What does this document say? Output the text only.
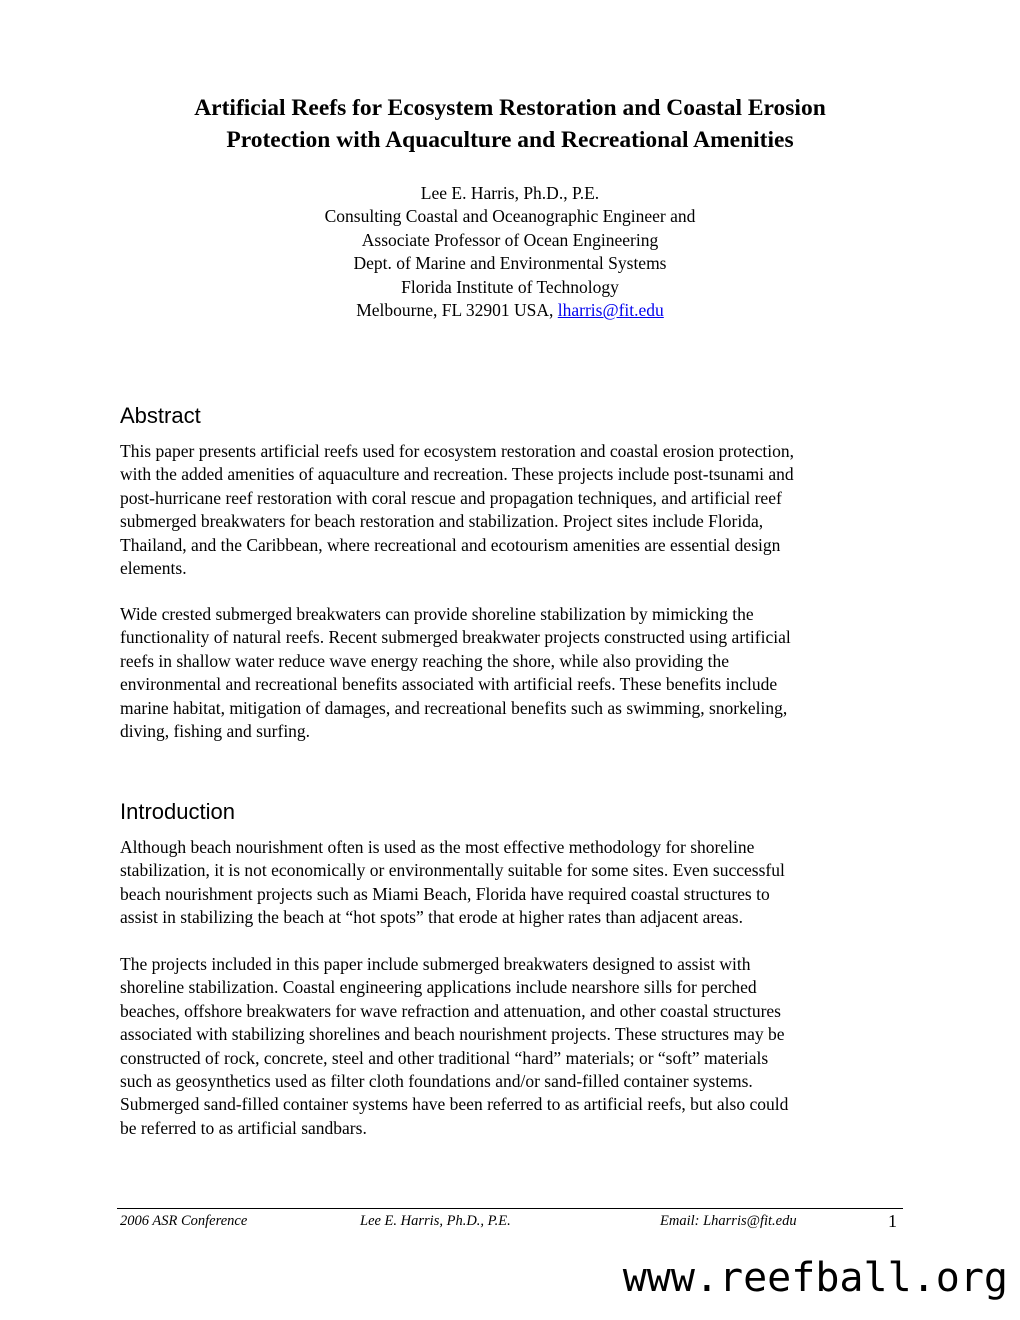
Artificial Reefs for Ecosystem Restoration and Coastal Erosion
Protection with Aquaculture and Recreational Amenities
Lee E. Harris, Ph.D., P.E.
Consulting Coastal and Oceanographic Engineer and
Associate Professor of Ocean Engineering
Dept. of Marine and Environmental Systems
Florida Institute of Technology
Melbourne, FL 32901 USA, lharris@fit.edu
Abstract
This paper presents artificial reefs used for ecosystem restoration and coastal erosion protection,
with the added amenities of aquaculture and recreation. These projects include post-tsunami and
post-hurricane reef restoration with coral rescue and propagation techniques, and artificial reef
submerged breakwaters for beach restoration and stabilization. Project sites include Florida,
Thailand, and the Caribbean, where recreational and ecotourism amenities are essential design
elements.
Wide crested submerged breakwaters can provide shoreline stabilization by mimicking the
functionality of natural reefs. Recent submerged breakwater projects constructed using artificial
reefs in shallow water reduce wave energy reaching the shore, while also providing the
environmental and recreational benefits associated with artificial reefs. These benefits include
marine habitat, mitigation of damages, and recreational benefits such as swimming, snorkeling,
diving, fishing and surfing.
Introduction
Although beach nourishment often is used as the most effective methodology for shoreline
stabilization, it is not economically or environmentally suitable for some sites. Even successful
beach nourishment projects such as Miami Beach, Florida have required coastal structures to
assist in stabilizing the beach at “hot spots” that erode at higher rates than adjacent areas.
The projects included in this paper include submerged breakwaters designed to assist with
shoreline stabilization. Coastal engineering applications include nearshore sills for perched
beaches, offshore breakwaters for wave refraction and attenuation, and other coastal structures
associated with stabilizing shorelines and beach nourishment projects. These structures may be
constructed of rock, concrete, steel and other traditional “hard” materials; or “soft” materials
such as geosynthetics used as filter cloth foundations and/or sand-filled container systems.
Submerged sand-filled container systems have been referred to as artificial reefs, but also could
be referred to as artificial sandbars.
2006 ASR Conference	Lee E. Harris, Ph.D., P.E.	Email: Lharris@fit.edu	1
www.reefball.org
